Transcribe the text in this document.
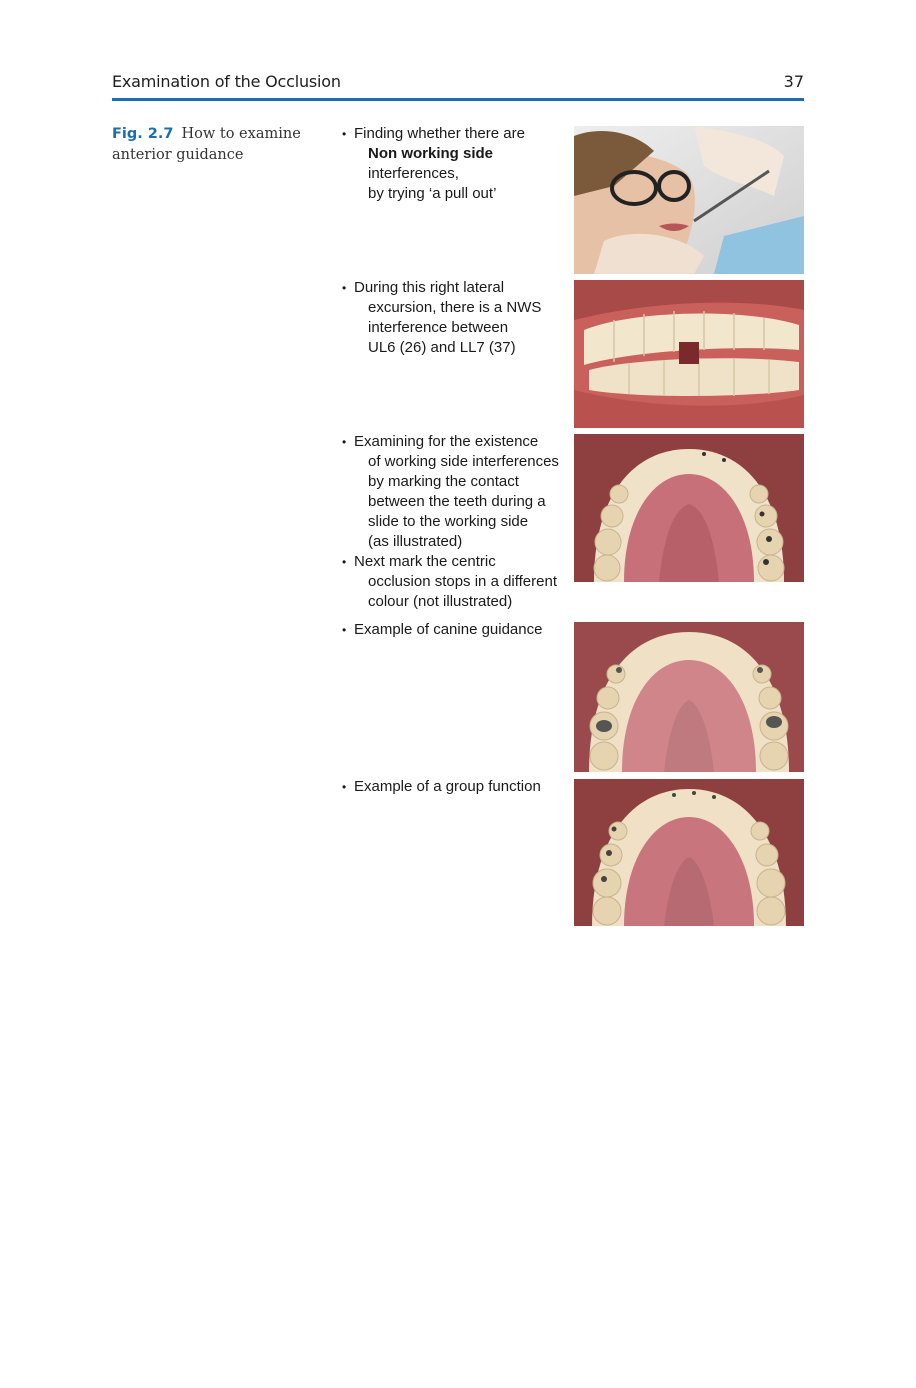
Examination of the Occlusion	37
Fig. 2.7 How to examine anterior guidance
• Finding whether there are
Non working side
interferences,
by trying ‘a pull out’
• During this right lateral
excursion, there is a NWS
interference between
UL6 (26) and LL7 (37)
• Examining for the existence
of working side interferences
by marking the contact
between the teeth during a
slide to the working side
(as illustrated)
• Next mark the centric
occlusion stops in a different
colour (not illustrated)
• Example of canine guidance
• Example of a group function
